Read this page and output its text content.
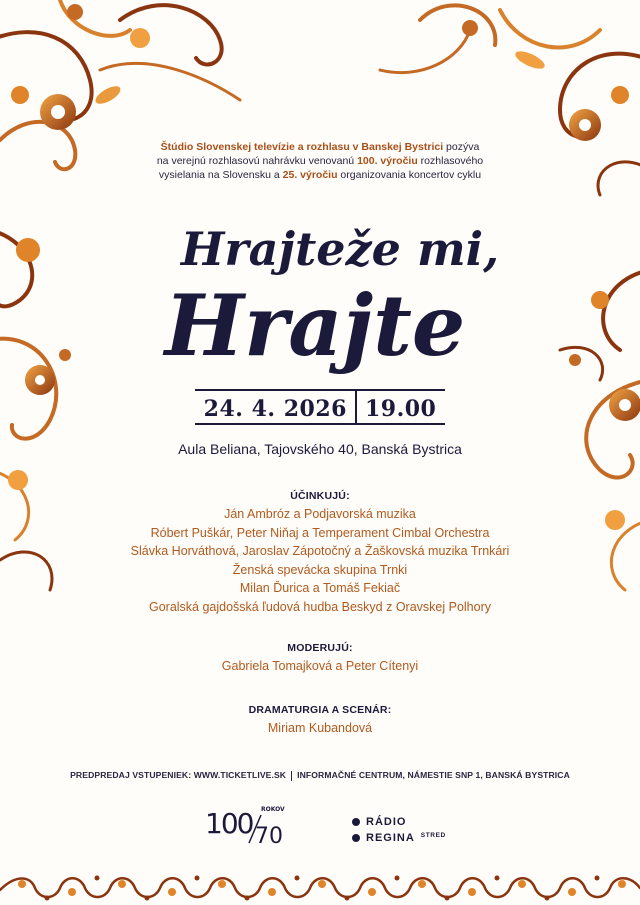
Štúdio Slovenskej televízie a rozhlasu v Banskej Bystrici pozýva
na verejnú rozhlasovú nahrávku venovanú 100. výročiu rozhlasového
vysielania na Slovensku a 25. výročiu organizovania koncertov cyklu
Hrajteže mi,
Hrajte
24. 4. 2026 19.00
Aula Beliana, Tajovského 40, Banská Bystrica
ÚČINKUJÚ:
Ján Ambróz a Podjavorská muzika
Róbert Puškár, Peter Niňaj a Temperament Cimbal Orchestra
Slávka Horváthová, Jaroslav Zápotočný a Žaškovská muzika Trnkári
Ženská spevácka skupina Trnki
Milan Ďurica a Tomáš Fekiač
Goralská gajdošská ľudová hudba Beskyd z Oravskej Polhory
MODERUJÚ:
Gabriela Tomajková a Peter Cítenyi
DRAMATURGIA A SCENÁR:
Miriam Kubandová
PREDPREDAJ VSTUPENIEK: WWW.TICKETLIVE.SK INFORMAČNÉ CENTRUM, NÁMESTIE SNP 1, BANSKÁ BYSTRICA
100 70
ROKOV
RÁDIO
REGINA STRED
